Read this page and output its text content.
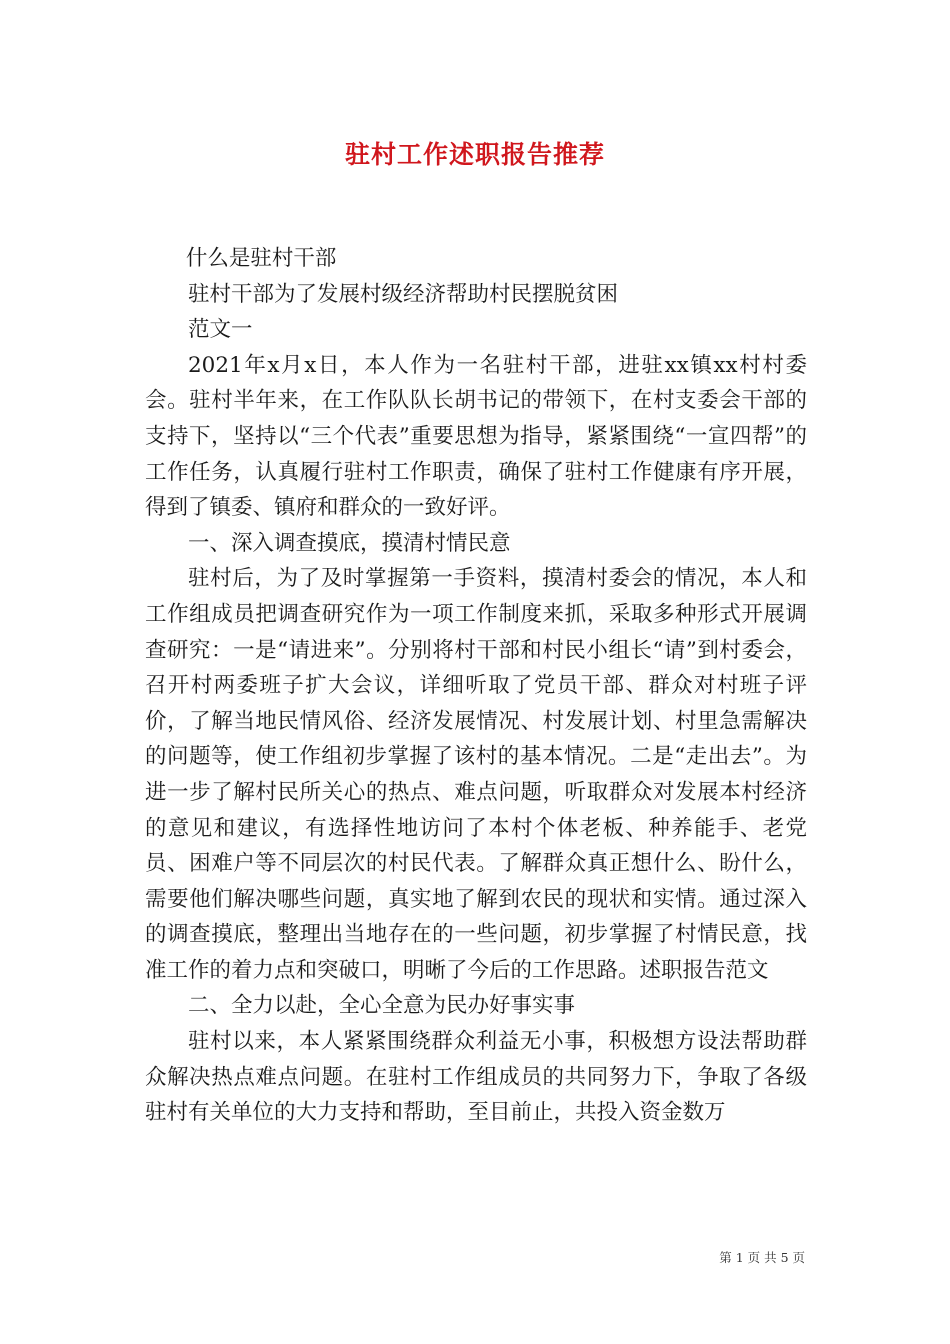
驻村工作述职报告推荐

什么是驻村干部

驻村干部为了发展村级经济帮助村民摆脱贫困

范文一

2021年x月x日，本人作为一名驻村干部，进驻xx镇xx村村委会。驻村半年来，在工作队队长胡书记的带领下，在村支委会干部的支持下，坚持以“三个代表”重要思想为指导，紧紧围绕“一宣四帮”的工作任务，认真履行驻村工作职责，确保了驻村工作健康有序开展，得到了镇委、镇府和群众的一致好评。

一、深入调查摸底，摸清村情民意

驻村后，为了及时掌握第一手资料，摸清村委会的情况，本人和工作组成员把调查研究作为一项工作制度来抓，采取多种形式开展调查研究：一是“请进来”。分别将村干部和村民小组长“请”到村委会，召开村两委班子扩大会议，详细听取了党员干部、群众对村班子评价，了解当地民情风俗、经济发展情况、村发展计划、村里急需解决的问题等，使工作组初步掌握了该村的基本情况。二是“走出去”。为进一步了解村民所关心的热点、难点问题，听取群众对发展本村经济的意见和建议，有选择性地访问了本村个体老板、种养能手、老党员、困难户等不同层次的村民代表。了解群众真正想什么、盼什么，需要他们解决哪些问题，真实地了解到农民的现状和实情。通过深入的调查摸底，整理出当地存在的一些问题，初步掌握了村情民意，找准工作的着力点和突破口，明晰了今后的工作思路。述职报告范文

二、全力以赴，全心全意为民办好事实事

驻村以来，本人紧紧围绕群众利益无小事，积极想方设法帮助群众解决热点难点问题。在驻村工作组成员的共同努力下，争取了各级驻村有关单位的大力支持和帮助，至目前止，共投入资金数万

第 1 页 共 5 页
